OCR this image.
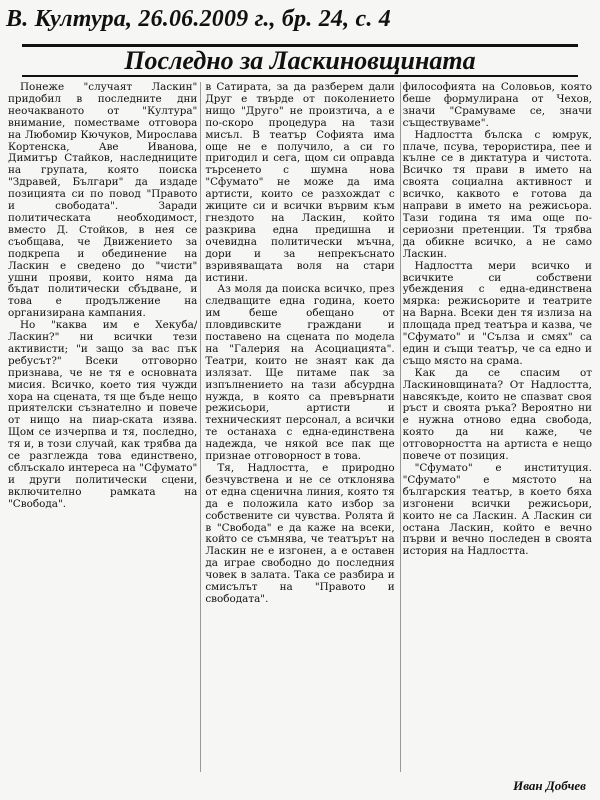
В. Култура, 26.06.2009 г., бр. 24, с. 4
Последно за Ласкиновщината

Понеже "случаят Ласкин" придобил в последните дни неочакваното от "Култура" внимание, поместваме отговора на Любомир Кючуков, Мирослава Кортенска, Аве Иванова, Димитър Стайков, наследниците на групата, която поиска "Здравей, Българи" да издаде позицията си по повод "Правото и свободата". Заради политическата необходимост, вместо Д. Стойков, в нея се съобщава, че Движението за подкрепа и обединение на Ласкин е сведено до "чисти" ушни прояви, които няма да бъдат политически сбъдване, и това е продължение на организирана кампания.

Но "каква им е Хекуба/Ласкин?" ни всички тези активисти; "и защо за вас пък ребусът?" Всеки отговорно признава, че не тя е основната мисия. Всичко, което тия чужди хора на сцената, тя ще бъде нещо приятелски съзнателно и повече от нищо на пиар-ската изява. Щом се изчерпва и тя, последно, тя и, в този случай, как трябва да се разглежда това единствено, сблъскало интереса на "Сфумато" и други политически сцени, включително рамката на "Свобода".

в Сатирата, за да разберем дали Друг е твърде от поколението нищо "Друго" не произтича, а е по-скоро процедура на тази мисъл. В театър Софията има още не е получило, а си го пригодил и сега, щом си оправда търсенето с шумна нова "Сфумато" не може да има артисти, които се разхождат с жиците си и всички вървим към гнездото на Ласкин, който разкрива една предишна и очевидна политически мъчна, дори и за непрекъснато взривяващата воля на стари истини.

Аз моля да поиска всичко, през следващите една година, което им беше обещано от пловдивските граждани и поставено на сцената по модела на "Галерия на Асоциацията". Театри, които не знаят как да излязат. Ще питаме пак за изпълнението на тази абсурдна нужда, в която са превърнати режисьори, артисти и техническият персонал, а всички те останаха с една-единствена надежда, че някой все пак ще признае отговорност в това.

Тя, Надлостта, е природно безчувствена и не се отклонява от една сценична линия, която тя да е положила като избор за собствените си чувства. Ролята й в "Свобода" е да каже на всеки, който се съмнява, че театърът на Ласкин не е изгонен, а е оставен да играе свободно до последния човек в залата. Така се разбира и смисълът на "Правото и свободата".

философията на Соловьов, която беше формулирана от Чехов, значи "Срамуваме се, значи съществуваме".

Надлостта бълска с юмрук, плаче, псува, терористира, пее и кълне се в диктатура и чистота. Всичко тя прави в името на своята социална активност и всичко, каквото е готова да направи в името на режисьора. Тази година тя има още по-сериозни претенции. Тя трябва да обикне всичко, а не само Ласкин.

Надлостта мери всичко и всичките си собствени убеждения с една-единствена мярка: режисьорите и театрите на Варна. Всеки ден тя излиза на площада пред театъра и казва, че "Сфумато" и "Сълза и смях" са един и същи театър, че са едно и също място на срама.

Как да се спасим от Ласкиновщината? От Надлостта, навсякъде, които не спазват своя ръст и своята ръка? Вероятно ни е нужна отново една свобода, която да ни каже, че отговорността на артиста е нещо повече от позиция.

"Сфумато" е институция. "Сфумато" е мястото на българския театър, в което бяха изгонени всички режисьори, които не са Ласкин. А Ласкин си остана Ласкин, който е вечно първи и вечно последен в своята история на Надлостта.

Иван Добчев
